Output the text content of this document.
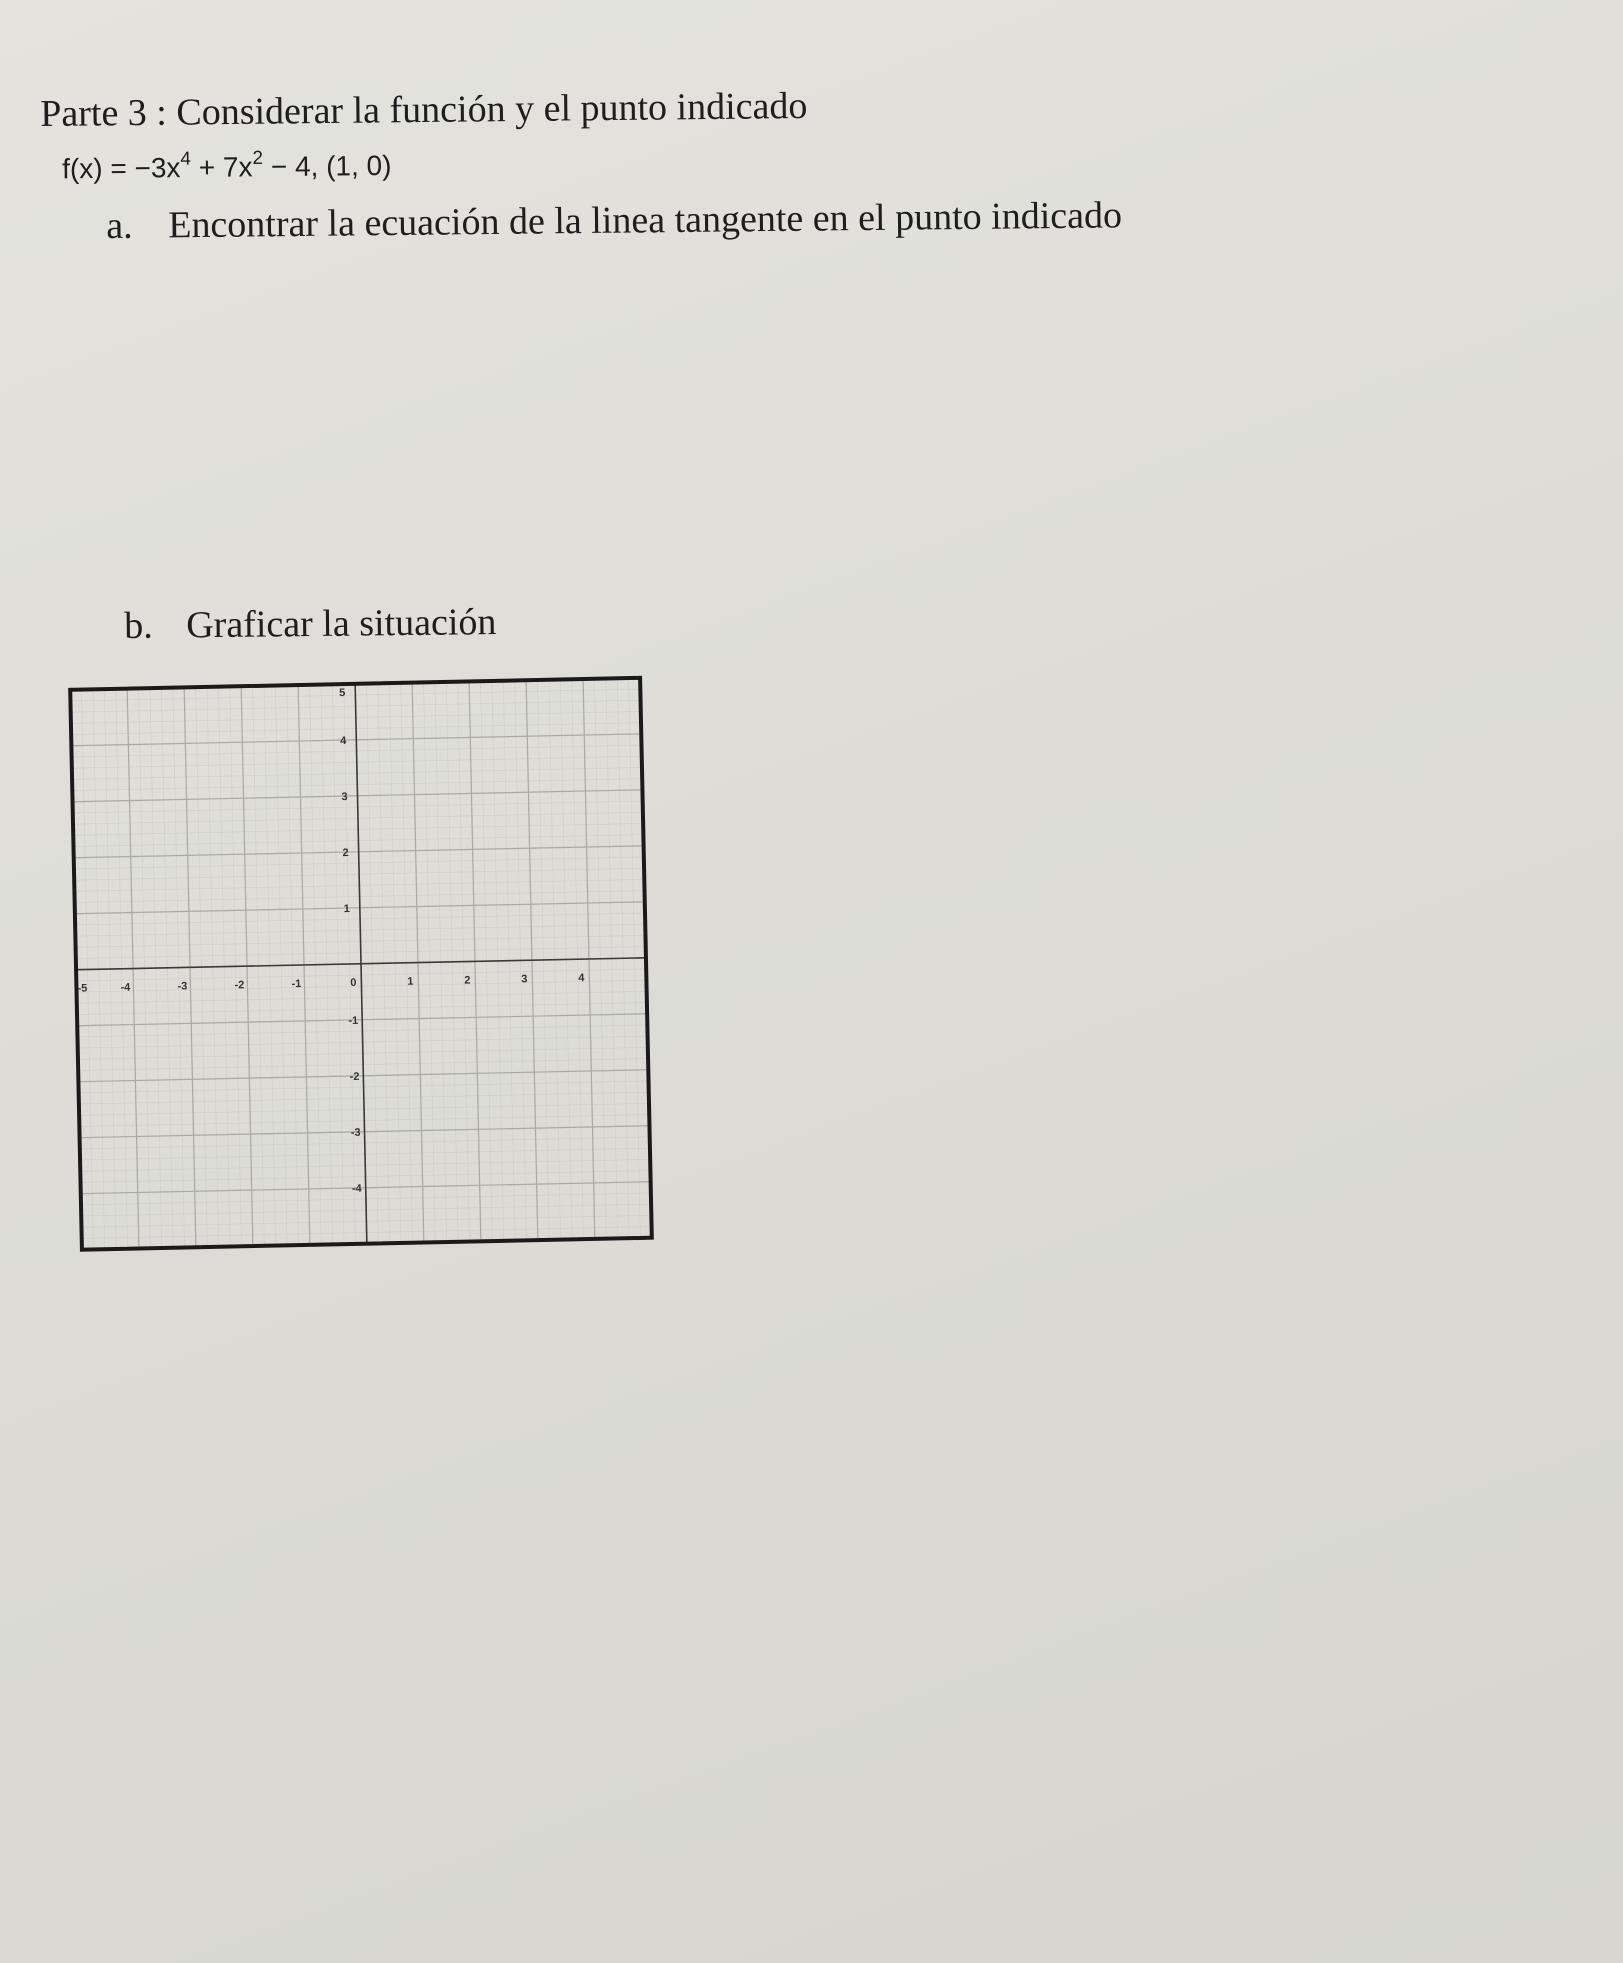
Parte 3 : Considerar la función y el punto indicado
$f(x) = -3x^4 + 7x^2 - 4$, (1, 0)
a. Encontrar la ecuación de la linea tangente en el punto indicado
b. Graficar la situación
-5	-4	-3	-2	-1	0	1	2	3	4
5
4
3
2
1
-1
-2
-3
-4
